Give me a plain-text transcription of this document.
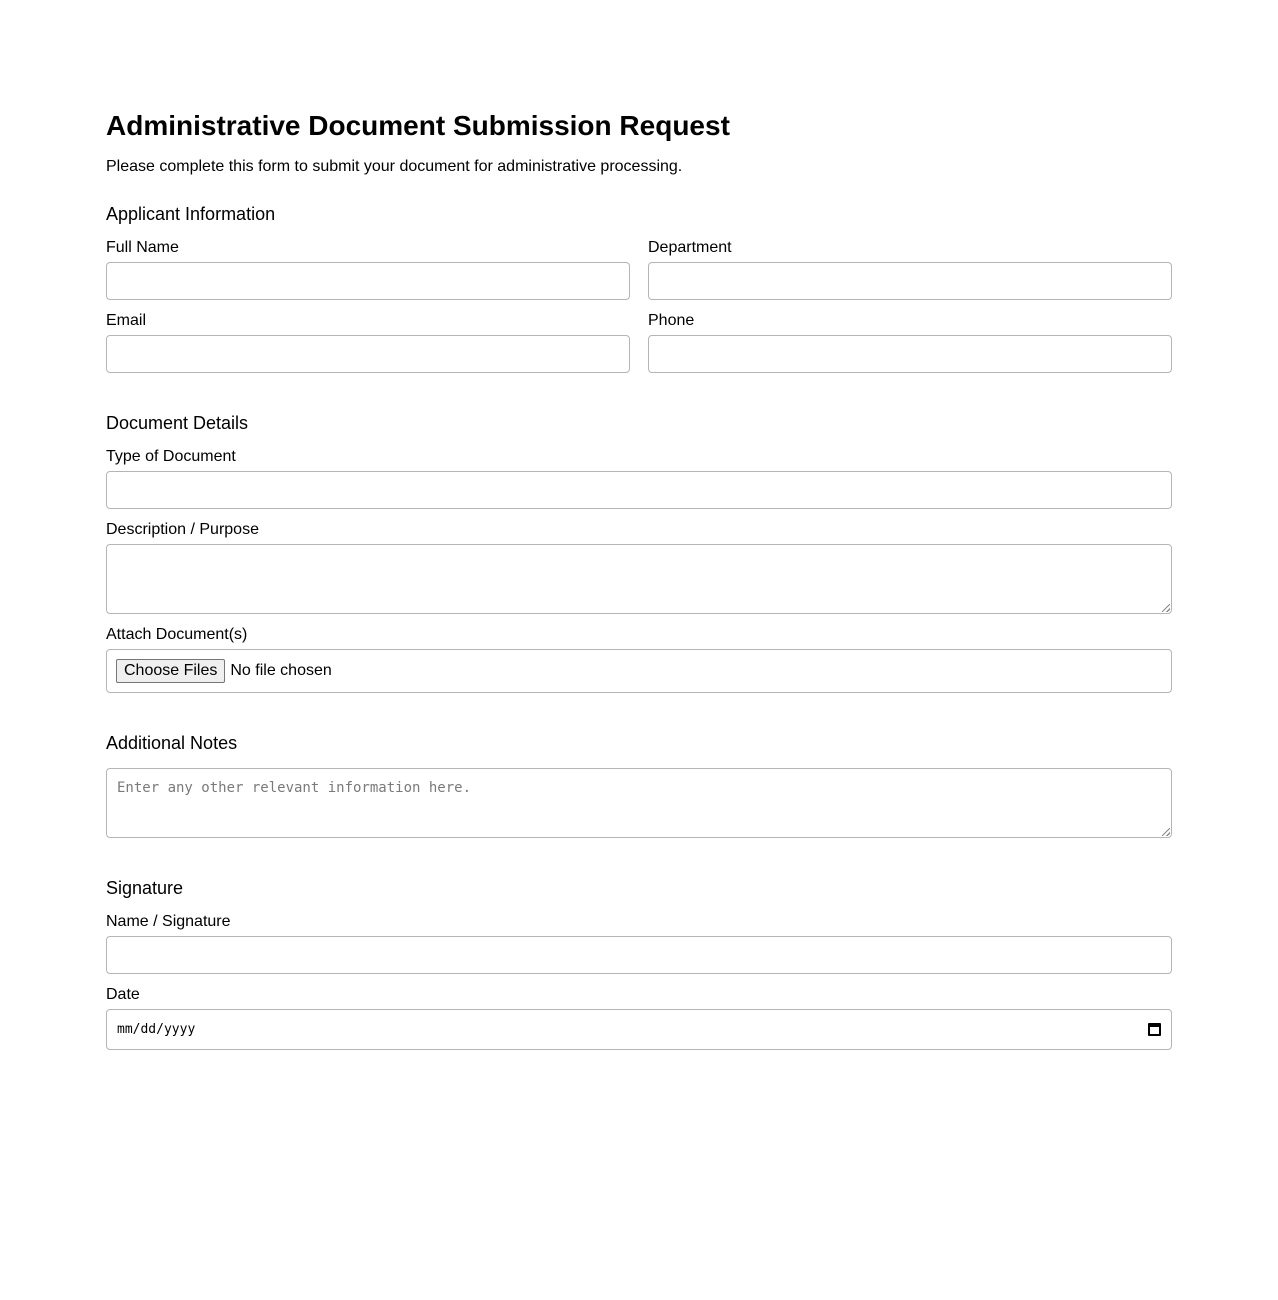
Administrative Document Submission Request

Please complete this form to submit your document for administrative processing.

Applicant Information
Full Name	Department
Email	Phone
Document Details
Type of Document
Description / Purpose
Attach Document(s)
Choose Files No file chosen
Additional Notes
Enter any other relevant information here.
Signature
Name / Signature
Date
mm/dd/yyyy
